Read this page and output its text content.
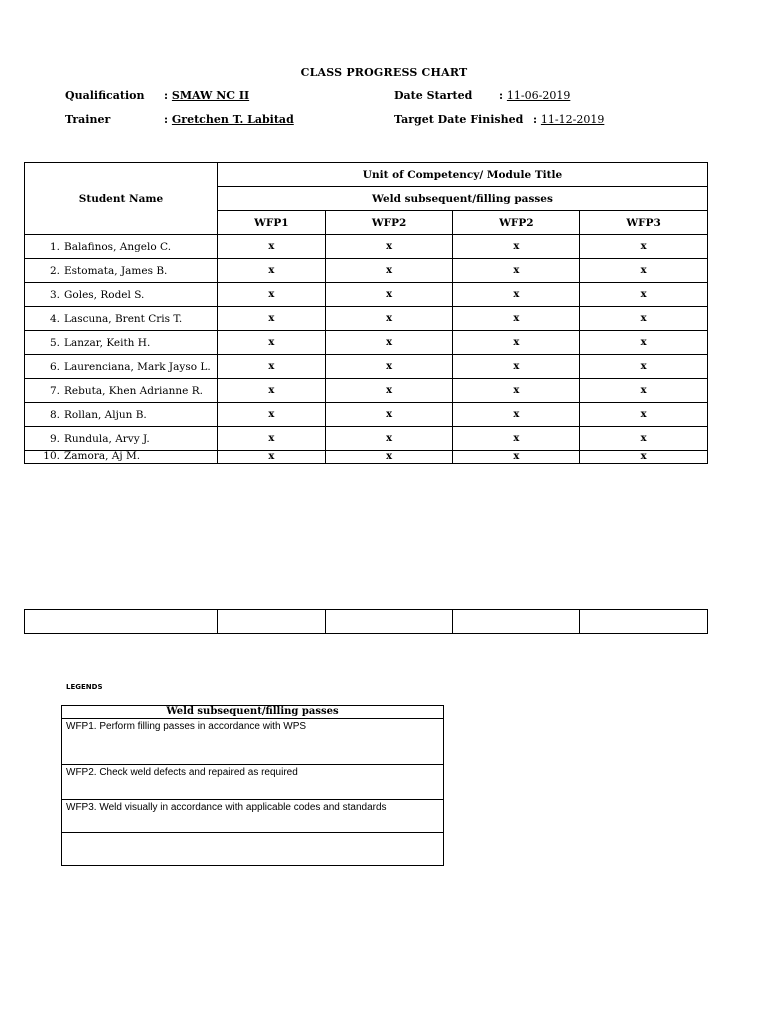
CLASS PROGRESS CHART
Qualification : SMAW NC II
Trainer	: Gretchen T. Labitad
Date Started : 11-06-2019
Target Date Finished : 11-12-2019
Student Name	Unit of Competency/ Module Title			
	Weld subsequent/filling passes			
	WFP1	WFP2	WFP2	WFP3
1. Balafinos, Angelo C.	x	x	x	x
2. Estomata, James B.	x	x	x	x
3. Goles, Rodel S.	x	x	x	x
4. Lascuna, Brent Cris T.	x	x	x	x
5. Lanzar, Keith H.	x	x	x	x
6. Laurenciana, Mark Jayso L.	x	x	x	x
7. Rebuta, Khen Adrianne R.	x	x	x	x
8. Rollan, Aljun B.	x	x	x	x
9. Rundula, Arvy J.	x	x	x	x
10. Zamora, Aj M.	x	x	x	x

LEGENDS
Weld subsequent/filling passes
WFP1. Perform filling passes in accordance with WPS
WFP2. Check weld defects and repaired as required
WFP3. Weld visually in accordance with applicable codes and standards
